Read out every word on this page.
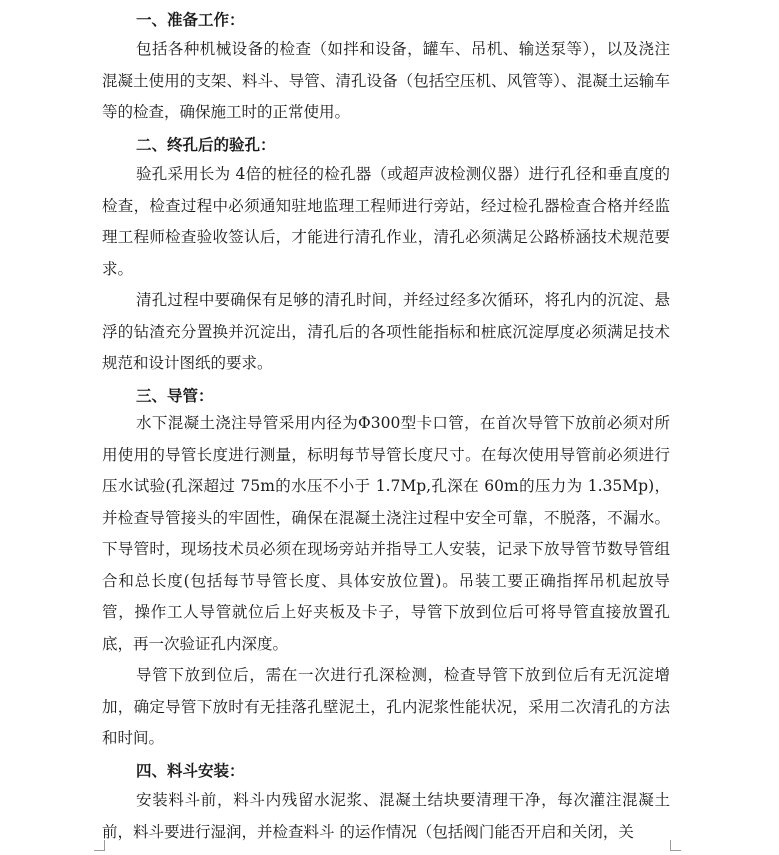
一、准备工作：

包括各种机械设备的检查（如拌和设备，罐车、吊机、输送泵等），以及浇注混凝土使用的支架、料斗、导管、清孔设备（包括空压机、风管等）、混凝土运输车等的检查，确保施工时的正常使用。

二、终孔后的验孔：

验孔采用长为 4倍的桩径的检孔器（或超声波检测仪器）进行孔径和垂直度的检查，检查过程中必须通知驻地监理工程师进行旁站，经过检孔器检查合格并经监理工程师检查验收签认后，才能进行清孔作业，清孔必须满足公路桥涵技术规范要求。

清孔过程中要确保有足够的清孔时间，并经过经多次循环，将孔内的沉淀、悬浮的钻渣充分置换并沉淀出，清孔后的各项性能指标和桩底沉淀厚度必须满足技术规范和设计图纸的要求。

三、导管：

水下混凝土浇注导管采用内径为Φ300型卡口管，在首次导管下放前必须对所用使用的导管长度进行测量，标明每节导管长度尺寸。在每次使用导管前必须进行压水试验(孔深超过 75m的水压不小于 1.7Mp,孔深在 60m的压力为 1.35Mp)，并检查导管接头的牢固性，确保在混凝土浇注过程中安全可靠，不脱落，不漏水。下导管时，现场技术员必须在现场旁站并指导工人安装，记录下放导管节数导管组合和总长度(包括每节导管长度、具体安放位置)。吊装工要正确指挥吊机起放导管，操作工人导管就位后上好夹板及卡子，导管下放到位后可将导管直接放置孔底，再一次验证孔内深度。

导管下放到位后，需在一次进行孔深检测，检查导管下放到位后有无沉淀增加，确定导管下放时有无挂落孔壁泥土，孔内泥浆性能状况，采用二次清孔的方法和时间。

四、料斗安装：

安装料斗前，料斗内残留水泥浆、混凝土结块要清理干净，每次灌注混凝土前，料斗要进行湿润，并检查料斗 的运作情况（包括阀门能否开启和关闭，关
